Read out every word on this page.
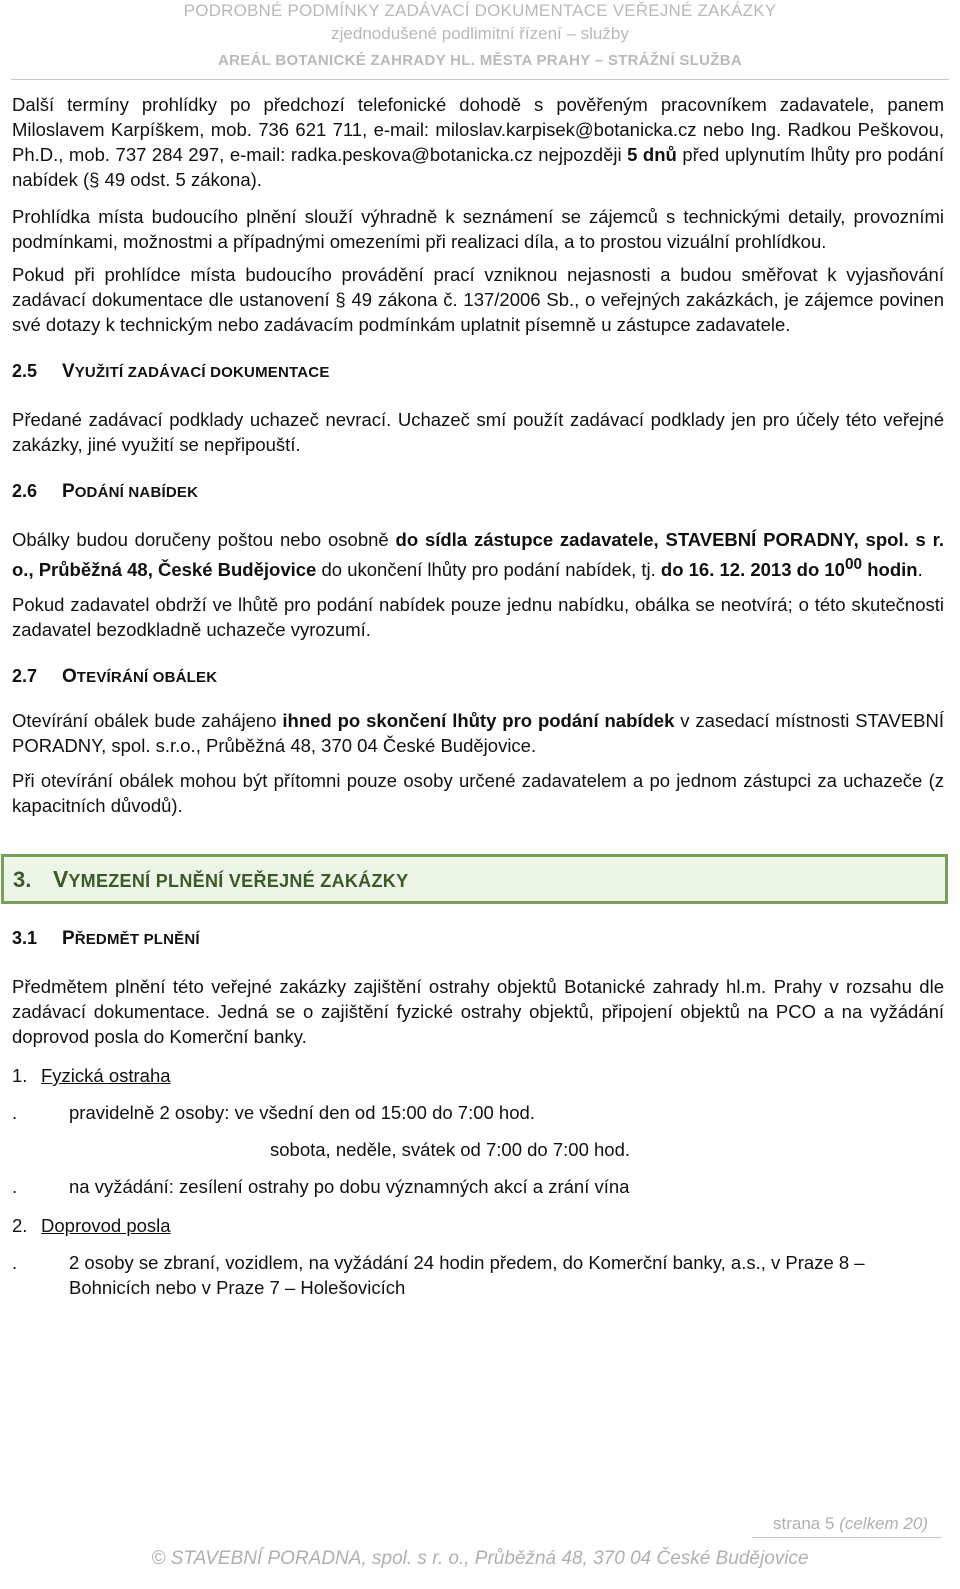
PODROBNÉ PODMÍNKY ZADÁVACÍ DOKUMENTACE VEŘEJNÉ ZAKÁZKY
zjednodušené podlimitní řízení – služby
AREÁL BOTANICKÉ ZAHRADY HL. MĚSTA PRAHY – STRÁŽNÍ SLUŽBA

Další termíny prohlídky po předchozí telefonické dohodě s pověřeným pracovníkem zadavatele, panem Miloslavem Karpíškem, mob. 736 621 711, e-mail: miloslav.karpisek@botanicka.cz nebo Ing. Radkou Peškovou, Ph.D., mob. 737 284 297, e-mail: radka.peskova@botanicka.cz nejpozději 5 dnů před uplynutím lhůty pro podání nabídek (§ 49 odst. 5 zákona).

Prohlídka místa budoucího plnění slouží výhradně k seznámení se zájemců s technickými detaily, provozními podmínkami, možnostmi a případnými omezeními při realizaci díla, a to prostou vizuální prohlídkou.

Pokud při prohlídce místa budoucího provádění prací vzniknou nejasnosti a budou směřovat k vyjasňování zadávací dokumentace dle ustanovení § 49 zákona č. 137/2006 Sb., o veřejných zakázkách, je zájemce povinen své dotazy k technickým nebo zadávacím podmínkám uplatnit písemně u zástupce zadavatele.

2.5 VYUŽITÍ ZADÁVACÍ DOKUMENTACE

Předané zadávací podklady uchazeč nevrací. Uchazeč smí použít zadávací podklady jen pro účely této veřejné zakázky, jiné využití se nepřipouští.

2.6 PODÁNÍ NABÍDEK

Obálky budou doručeny poštou nebo osobně do sídla zástupce zadavatele, STAVEBNÍ PORADNY, spol. s r. o., Průběžná 48, České Budějovice do ukončení lhůty pro podání nabídek, tj. do 16. 12. 2013 do $10^{00}$ hodin.

Pokud zadavatel obdrží ve lhůtě pro podání nabídek pouze jednu nabídku, obálka se neotvírá; o této skutečnosti zadavatel bezodkladně uchazeče vyrozumí.

2.7 OTEVÍRÁNÍ OBÁLEK

Otevírání obálek bude zahájeno ihned po skončení lhůty pro podání nabídek v zasedací místnosti STAVEBNÍ PORADNY, spol. s.r.o., Průběžná 48, 370 04 České Budějovice.

Při otevírání obálek mohou být přítomni pouze osoby určené zadavatelem a po jednom zástupci za uchazeče (z kapacitních důvodů).

3. VYMEZENÍ PLNĚNÍ VEŘEJNÉ ZAKÁZKY
3.1 PŘEDMĚT PLNĚNÍ

Předmětem plnění této veřejné zakázky zajištění ostrahy objektů Botanické zahrady hl.m. Prahy v rozsahu dle zadávací dokumentace. Jedná se o zajištění fyzické ostrahy objektů, připojení objektů na PCO a na vyžádání doprovod posla do Komerční banky.

1. Fyzická ostraha
.	pravidelně 2 osoby: ve všední den od 15:00 do 7:00 hod.
sobota, neděle, svátek od 7:00 do 7:00 hod.
.	na vyžádání: zesílení ostrahy po dobu významných akcí a zrání vína
2. Doprovod posla
.	2 osoby se zbraní, vozidlem, na vyžádání 24 hodin předem, do Komerční banky, a.s., v Praze 8 – Bohnicích nebo v Praze 7 – Holešovicích
strana 5 (celkem 20)
© STAVEBNÍ PORADNA, spol. s r. o., Průběžná 48, 370 04 České Budějovice
